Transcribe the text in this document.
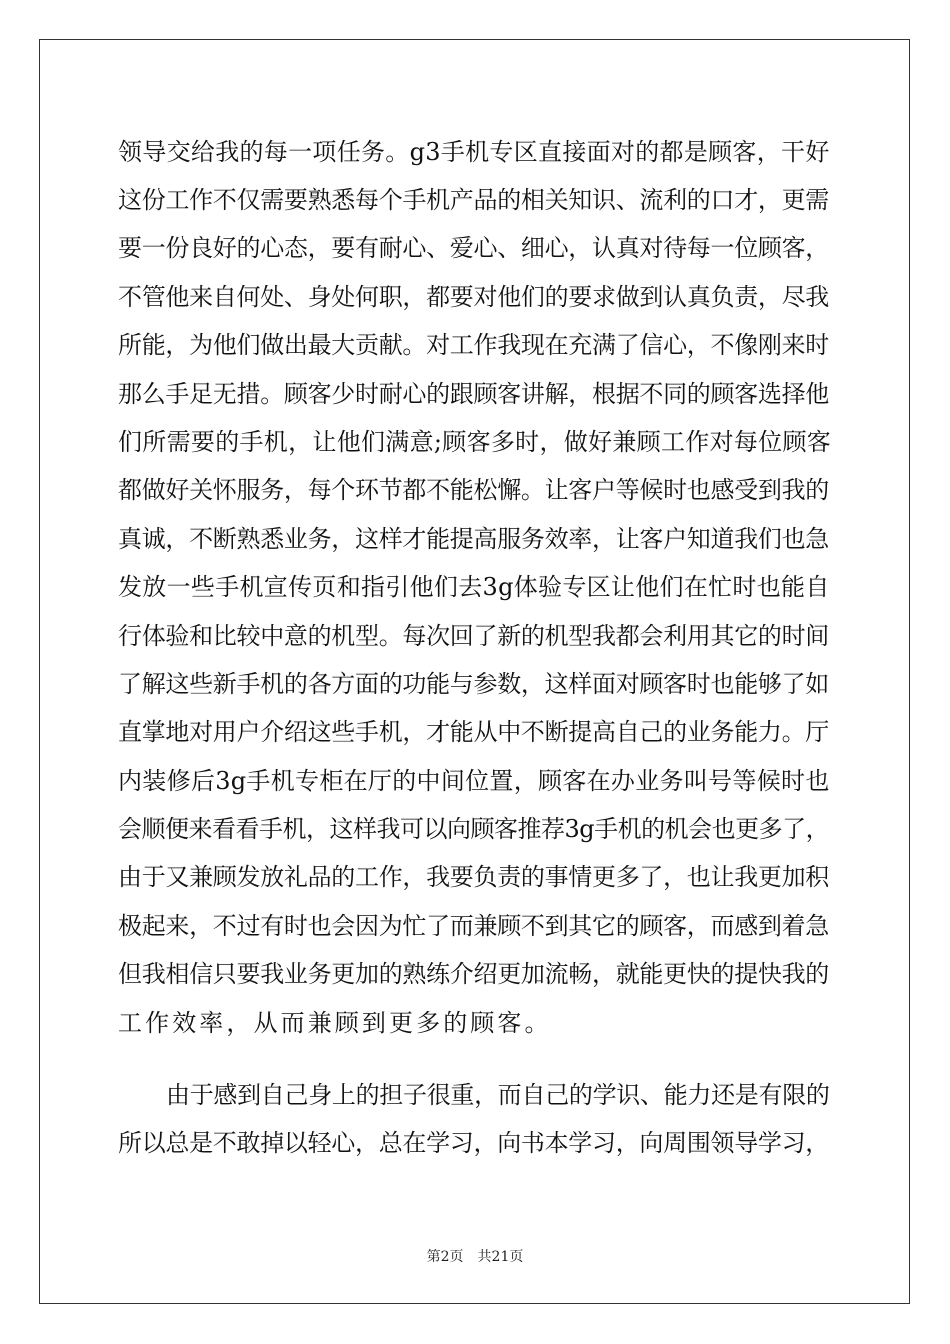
领导交给我的每一项任务。g3手机专区直接面对的都是顾客，干好
这份工作不仅需要熟悉每个手机产品的相关知识、流利的口才，更需
要一份良好的心态，要有耐心、爱心、细心，认真对待每一位顾客，
不管他来自何处、身处何职，都要对他们的要求做到认真负责，尽我
所能，为他们做出最大贡献。对工作我现在充满了信心，不像刚来时
那么手足无措。顾客少时耐心的跟顾客讲解，根据不同的顾客选择他
们所需要的手机，让他们满意;顾客多时，做好兼顾工作对每位顾客
都做好关怀服务，每个环节都不能松懈。让客户等候时也感受到我的
真诚，不断熟悉业务，这样才能提高服务效率，让客户知道我们也急
发放一些手机宣传页和指引他们去3g体验专区让他们在忙时也能自
行体验和比较中意的机型。每次回了新的机型我都会利用其它的时间
了解这些新手机的各方面的功能与参数，这样面对顾客时也能够了如
直掌地对用户介绍这些手机，才能从中不断提高自己的业务能力。厅
内装修后3g手机专柜在厅的中间位置，顾客在办业务叫号等候时也
会顺便来看看手机，这样我可以向顾客推荐3g手机的机会也更多了，
由于又兼顾发放礼品的工作，我要负责的事情更多了，也让我更加积
极起来，不过有时也会因为忙了而兼顾不到其它的顾客，而感到着急
但我相信只要我业务更加的熟练介绍更加流畅，就能更快的提快我的
工作效率，从而兼顾到更多的顾客。
由于感到自己身上的担子很重，而自己的学识、能力还是有限的
所以总是不敢掉以轻心，总在学习，向书本学习，向周围领导学习，
第2页　共21页
